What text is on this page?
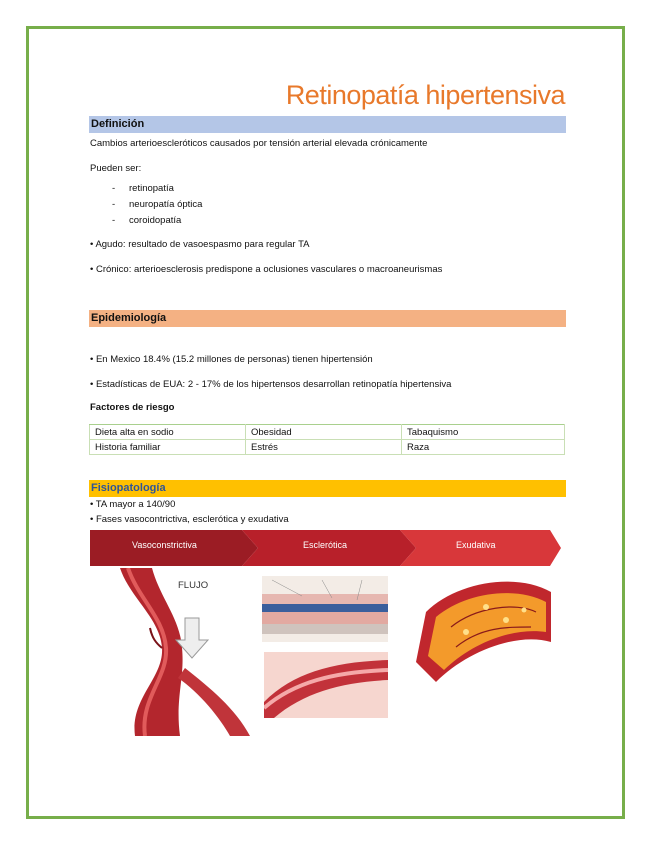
Retinopatía hipertensiva
Definición
Cambios arterioescleróticos causados por tensión arterial elevada crónicamente
Pueden ser:
- retinopatía
- neuropatía óptica
- coroidopatía
• Agudo: resultado de vasoespasmo para regular TA
• Crónico: arterioesclerosis predispone a oclusiones vasculares o macroaneurismas
Epidemiología
• En Mexico 18.4% (15.2 millones de personas) tienen hipertensión
• Estadísticas de EUA: 2 - 17% de los hipertensos desarrollan retinopatía hipertensiva
Factores de riesgo
Dieta alta en sodio	Obesidad	Tabaquismo
Historia familiar	Estrés	Raza
Fisiopatología
• TA mayor a 140/90
• Fases vasocontrictiva, esclerótica y exudativa
Vasoconstrictiva	Esclerótica	Exudativa
FLUJO
